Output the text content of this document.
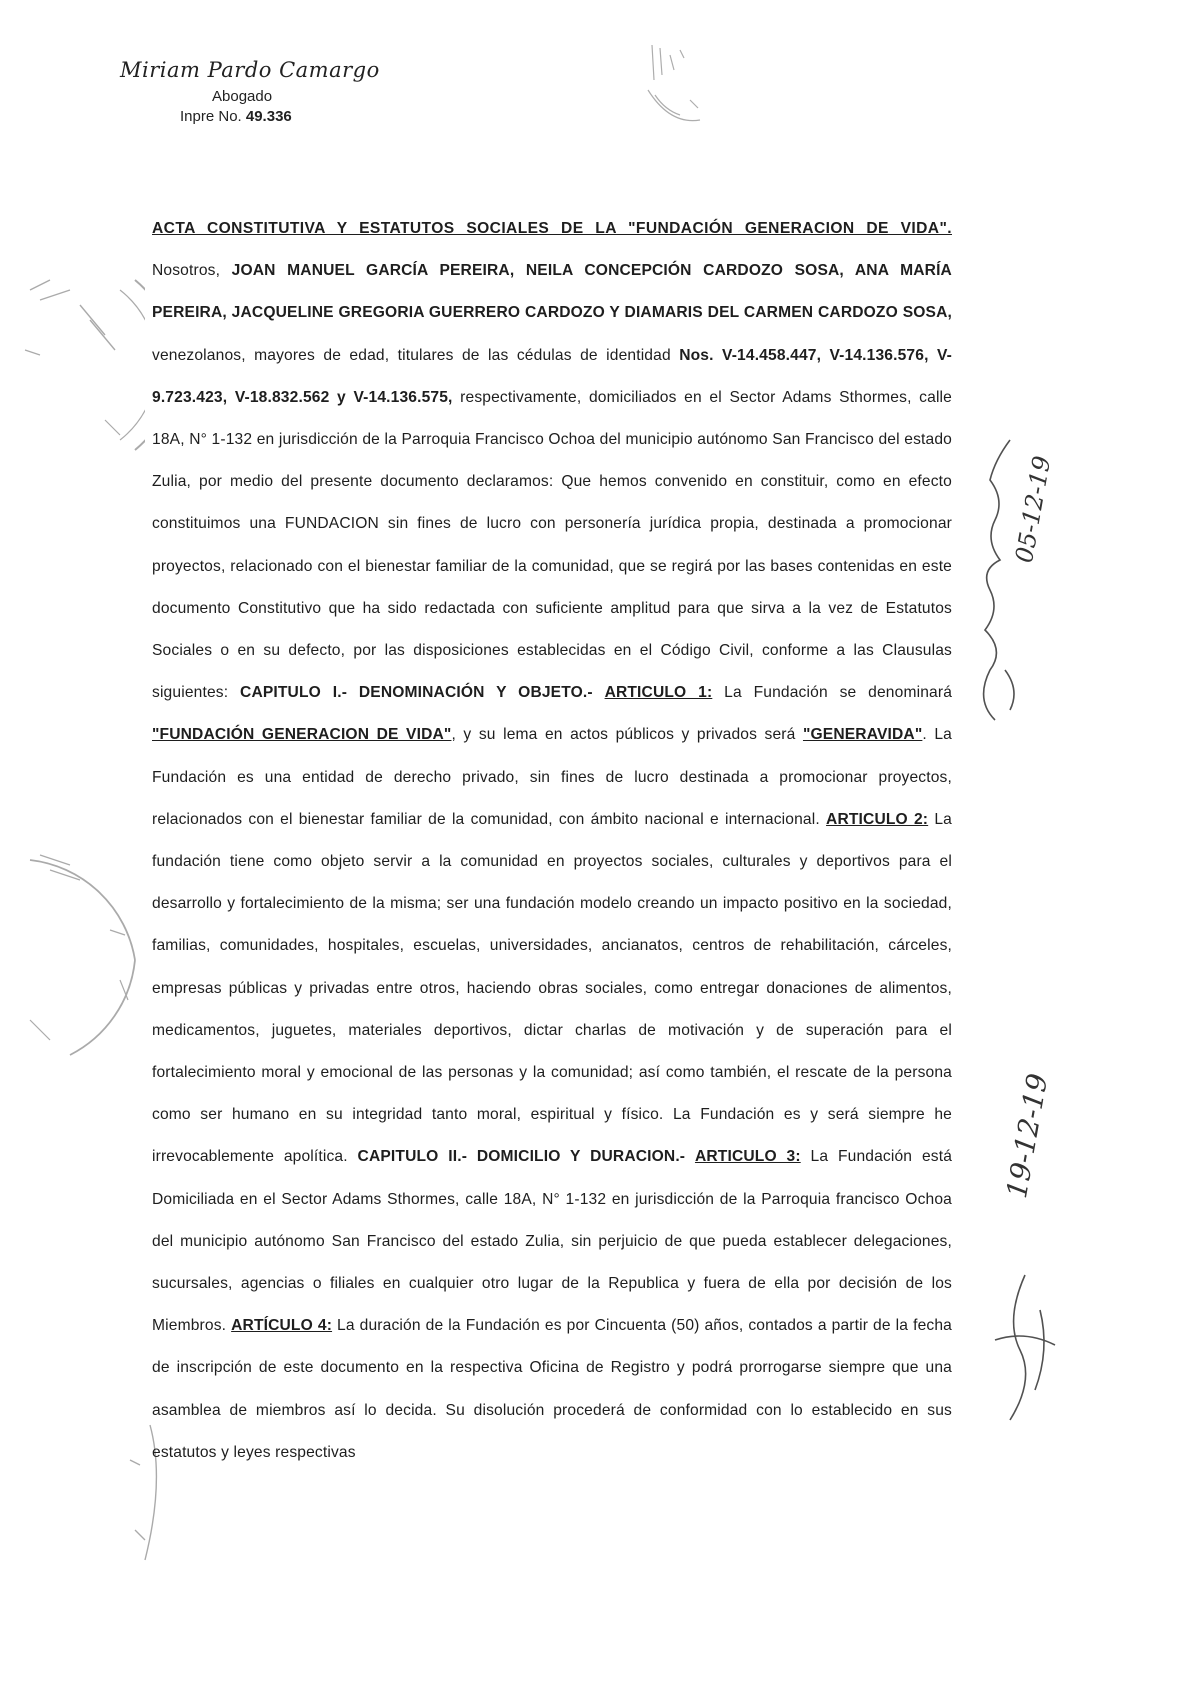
Miriam Pardo Camargo
Abogado
Inpre No. 49.336
ACTA CONSTITUTIVA Y ESTATUTOS SOCIALES DE LA "FUNDACIÓN GENERACION DE VIDA". Nosotros, JOAN MANUEL GARCÍA PEREIRA, NEILA CONCEPCIÓN CARDOZO SOSA, ANA MARÍA PEREIRA, JACQUELINE GREGORIA GUERRERO CARDOZO Y DIAMARIS DEL CARMEN CARDOZO SOSA, venezolanos, mayores de edad, titulares de las cédulas de identidad Nos. V-14.458.447, V-14.136.576, V-9.723.423, V-18.832.562 y V-14.136.575, respectivamente, domiciliados en el Sector Adams Sthormes, calle 18A, N° 1-132 en jurisdicción de la Parroquia Francisco Ochoa del municipio autónomo San Francisco del estado Zulia, por medio del presente documento declaramos: Que hemos convenido en constituir, como en efecto constituimos una FUNDACION sin fines de lucro con personería jurídica propia, destinada a promocionar proyectos, relacionado con el bienestar familiar de la comunidad, que se regirá por las bases contenidas en este documento Constitutivo que ha sido redactada con suficiente amplitud para que sirva a la vez de Estatutos Sociales o en su defecto, por las disposiciones establecidas en el Código Civil, conforme a las Clausulas siguientes: CAPITULO I.- DENOMINACIÓN Y OBJETO.- ARTICULO 1: La Fundación se denominará "FUNDACIÓN GENERACION DE VIDA", y su lema en actos públicos y privados será "GENERAVIDA". La Fundación es una entidad de derecho privado, sin fines de lucro destinada a promocionar proyectos, relacionados con el bienestar familiar de la comunidad, con ámbito nacional e internacional. ARTICULO 2: La fundación tiene como objeto servir a la comunidad en proyectos sociales, culturales y deportivos para el desarrollo y fortalecimiento de la misma; ser una fundación modelo creando un impacto positivo en la sociedad, familias, comunidades, hospitales, escuelas, universidades, ancianatos, centros de rehabilitación, cárceles, empresas públicas y privadas entre otros, haciendo obras sociales, como entregar donaciones de alimentos, medicamentos, juguetes, materiales deportivos, dictar charlas de motivación y de superación para el fortalecimiento moral y emocional de las personas y la comunidad; así como también, el rescate de la persona como ser humano en su integridad tanto moral, espiritual y físico. La Fundación es y será siempre he irrevocablemente apolítica. CAPITULO II.- DOMICILIO Y DURACION.- ARTICULO 3: La Fundación está Domiciliada en el Sector Adams Sthormes, calle 18A, N° 1-132 en jurisdicción de la Parroquia francisco Ochoa del municipio autónomo San Francisco del estado Zulia, sin perjuicio de que pueda establecer delegaciones, sucursales, agencias o filiales en cualquier otro lugar de la Republica y fuera de ella por decisión de los Miembros. ARTÍCULO 4: La duración de la Fundación es por Cincuenta (50) años, contados a partir de la fecha de inscripción de este documento en la respectiva Oficina de Registro y podrá prorrogarse siempre que una asamblea de miembros así lo decida. Su disolución procederá de conformidad con lo establecido en sus estatutos y leyes respectivas
05-12-19
19-12-19
